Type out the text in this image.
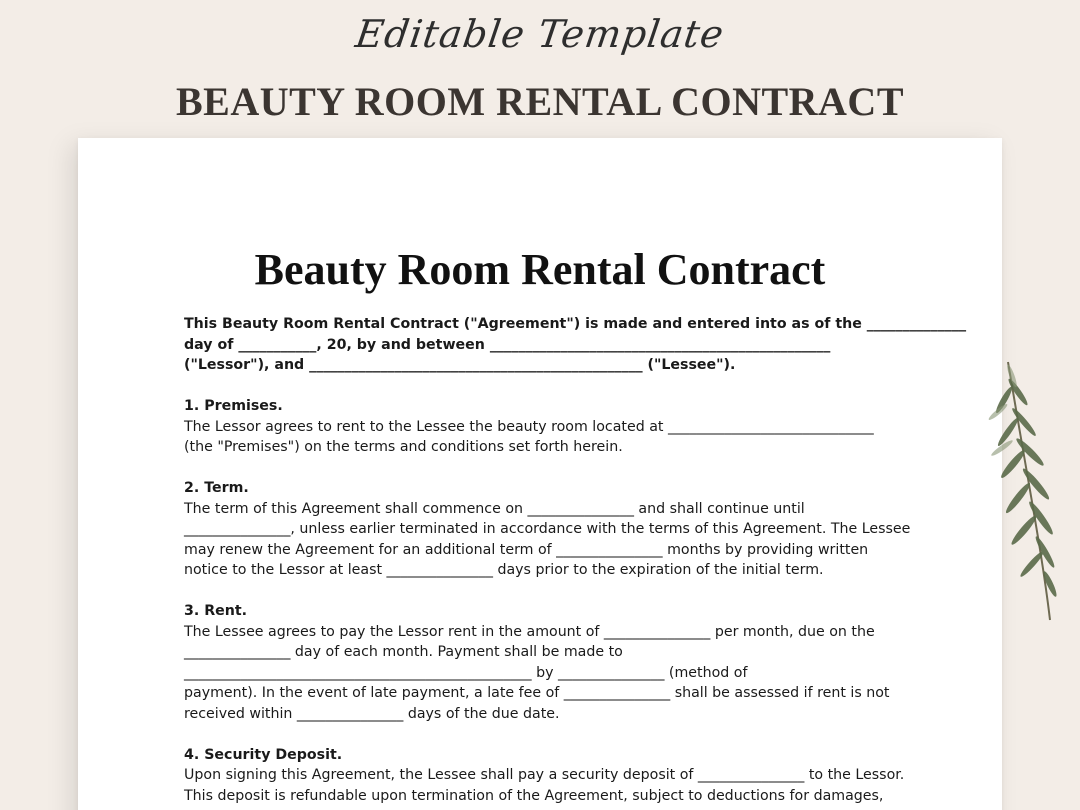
Editable Template
BEAUTY ROOM RENTAL CONTRACT
Beauty Room Rental Contract

This Beauty Room Rental Contract ("Agreement") is made and entered into as of the ______________
day of ___________, 20, by and between ________________________________________________
("Lessor"), and _______________________________________________ ("Lessee").

1. Premises.
The Lessor agrees to rent to the Lessee the beauty room located at _____________________________
(the "Premises") on the terms and conditions set forth herein.

2. Term.
The term of this Agreement shall commence on _______________ and shall continue until
_______________, unless earlier terminated in accordance with the terms of this Agreement. The Lessee
may renew the Agreement for an additional term of _______________ months by providing written
notice to the Lessor at least _______________ days prior to the expiration of the initial term.

3. Rent.
The Lessee agrees to pay the Lessor rent in the amount of _______________ per month, due on the
_______________ day of each month. Payment shall be made to
_________________________________________________ by _______________ (method of
payment). In the event of late payment, a late fee of _______________ shall be assessed if rent is not
received within _______________ days of the due date.

4. Security Deposit.
Upon signing this Agreement, the Lessee shall pay a security deposit of _______________ to the Lessor.
This deposit is refundable upon termination of the Agreement, subject to deductions for damages,
